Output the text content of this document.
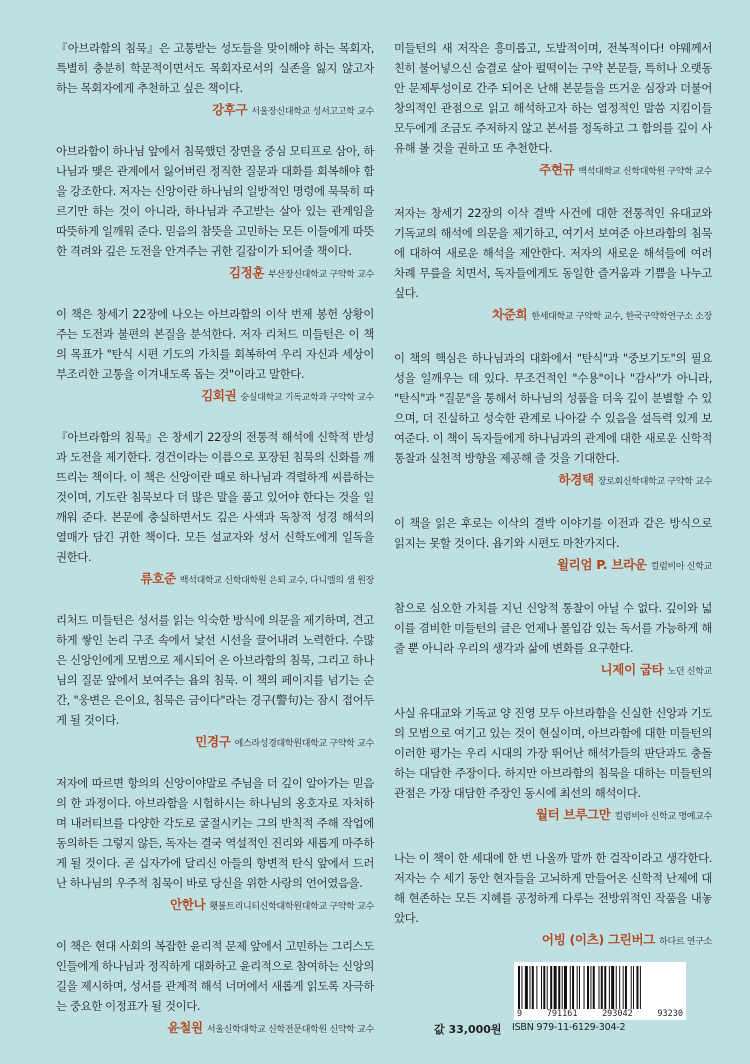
『아브라함의 침묵』은 고통받는 성도들을 맞이해야 하는 목회자, 특별히 충분히 학문적이면서도 목회자로서의 실존을 잃지 않고자 하는 목회자에게 추천하고 싶은 책이다.

강후구 서울장신대학교 성서고고학 교수

아브라함이 하나님 앞에서 침묵했던 장면을 중심 모티프로 삼아, 하나님과 맺은 관계에서 잃어버린 정직한 질문과 대화를 회복해야 함을 강조한다. 저자는 신앙이란 하나님의 일방적인 명령에 묵묵히 따르기만 하는 것이 아니라, 하나님과 주고받는 살아 있는 관계임을 따뜻하게 일깨워 준다. 믿음의 참뜻을 고민하는 모든 이들에게 따뜻한 격려와 깊은 도전을 안겨주는 귀한 길잡이가 되어줄 책이다.

김정훈 부산장신대학교 구약학 교수

이 책은 창세기 22장에 나오는 아브라함의 이삭 번제 봉헌 상황이 주는 도전과 불편의 본질을 분석한다. 저자 리처드 미들턴은 이 책의 목표가 "탄식 시편 기도의 가치를 회복하여 우리 자신과 세상이 부조리한 고통을 이겨내도록 돕는 것"이라고 말한다.

김회권 숭실대학교 기독교학과 구약학 교수

『아브라함의 침묵』은 창세기 22장의 전통적 해석에 신학적 반성과 도전을 제기한다. 경건이라는 이름으로 포장된 침묵의 신화를 깨뜨리는 책이다. 이 책은 신앙이란 때로 하나님과 격렬하게 씨름하는 것이며, 기도란 침묵보다 더 많은 말을 품고 있어야 한다는 것을 일깨워 준다. 본문에 충실하면서도 깊은 사색과 독창적 성경 해석의 열매가 담긴 귀한 책이다. 모든 설교자와 성서 신학도에게 일독을 권한다.

류호준 백석대학교 신학대학원 은퇴 교수, 다니엘의 샘 원장

리처드 미들턴은 성서를 읽는 익숙한 방식에 의문을 제기하며, 견고하게 쌓인 논리 구조 속에서 낯선 시선을 끌어내려 노력한다. 수많은 신앙인에게 모범으로 제시되어 온 아브라함의 침묵, 그리고 하나님의 질문 앞에서 보여주는 욥의 침묵. 이 책의 페이지를 넘기는 순간, "웅변은 은이요, 침묵은 금이다"라는 경구(警句)는 잠시 접어두게 될 것이다.

민경구 에스라성경대학원대학교 구약학 교수

저자에 따르면 항의의 신앙이야말로 주님을 더 깊이 알아가는 믿음의 한 과정이다. 아브라함을 시험하시는 하나님의 옹호자로 자처하며 내러티브를 다양한 각도로 굴절시키는 그의 반칙적 주해 작업에 동의하든 그렇지 않든, 독자는 결국 역설적인 진리와 새롭게 마주하게 될 것이다. 곧 십자가에 달리신 아들의 항변적 탄식 앞에서 드러난 하나님의 우주적 침묵이 바로 당신을 위한 사랑의 언어였음을.

안한나 횃불트리니티신학대학원대학교 구약학 교수

이 책은 현대 사회의 복잡한 윤리적 문제 앞에서 고민하는 그리스도인들에게 하나님과 정직하게 대화하고 윤리적으로 참여하는 신앙의 길을 제시하며, 성서를 관계적 해석 너머에서 새롭게 읽도록 자극하는 중요한 이정표가 될 것이다.

윤철원 서울신학대학교 신학전문대학원 신약학 교수

미들턴의 새 저작은 흥미롭고, 도발적이며, 전복적이다! 야웨께서 친히 불어넣으신 숨결로 살아 펄떡이는 구약 본문들, 특히나 오랫동안 문제투성이로 간주 되어온 난해 본문들을 뜨거운 심장과 더불어 창의적인 관점으로 읽고 해석하고자 하는 열정적인 말씀 지킴이들 모두에게 조금도 주저하지 않고 본서를 정독하고 그 함의를 깊이 사유해 볼 것을 권하고 또 추천한다.

주현규 백석대학교 신학대학원 구약학 교수

저자는 창세기 22장의 이삭 결박 사건에 대한 전통적인 유대교와 기독교의 해석에 의문을 제기하고, 여기서 보여준 아브라함의 침묵에 대하여 새로운 해석을 제안한다. 저자의 새로운 해석들에 여러 차례 무릎을 치면서, 독자들에게도 동일한 즐거움과 기쁨을 나누고 싶다.

차준희 한세대학교 구약학 교수, 한국구약학연구소 소장

이 책의 핵심은 하나님과의 대화에서 "탄식"과 "중보기도"의 필요성을 일깨우는 데 있다. 무조건적인 "수용"이나 "감사"가 아니라, "탄식"과 "질문"을 통해서 하나님의 성품을 더욱 깊이 분별할 수 있으며, 더 진실하고 성숙한 관계로 나아갈 수 있음을 설득력 있게 보여준다. 이 책이 독자들에게 하나님과의 관계에 대한 새로운 신학적 통찰과 실천적 방향을 제공해 줄 것을 기대한다.

하경택 장로회신학대학교 구약학 교수

이 책을 읽은 후로는 이삭의 결박 이야기를 이전과 같은 방식으로 읽지는 못할 것이다. 욥기와 시편도 마찬가지다.

윌리엄 P. 브라운 컬럼비아 신학교

참으로 심오한 가치를 지닌 신앙적 통찰이 아닐 수 없다. 깊이와 넓이를 겸비한 미들턴의 글은 언제나 몰입감 있는 독서를 가능하게 해줄 뿐 아니라 우리의 생각과 삶에 변화를 요구한다.

니제이 굽타 노던 신학교

사실 유대교와 기독교 양 진영 모두 아브라함을 신실한 신앙과 기도의 모범으로 여기고 있는 것이 현실이며, 아브라함에 대한 미들턴의 이러한 평가는 우리 시대의 가장 뛰어난 해석가들의 판단과도 충돌하는 대담한 주장이다. 하지만 아브라함의 침묵을 대하는 미들턴의 관점은 가장 대담한 주장인 동시에 최선의 해석이다.

월터 브루그만 컬럼비아 신학교 명예교수

나는 이 책이 한 세대에 한 번 나올까 말까 한 걸작이라고 생각한다. 저자는 수 세기 동안 현자들을 고뇌하게 만들어온 신학적 난제에 대해 현존하는 모든 지혜를 공정하게 다루는 전방위적인 작품을 내놓았다.

어빙 (이츠) 그린버그 하다르 연구소
9	791161	293042	93230
값 33,000원 ISBN 979-11-6129-304-2
